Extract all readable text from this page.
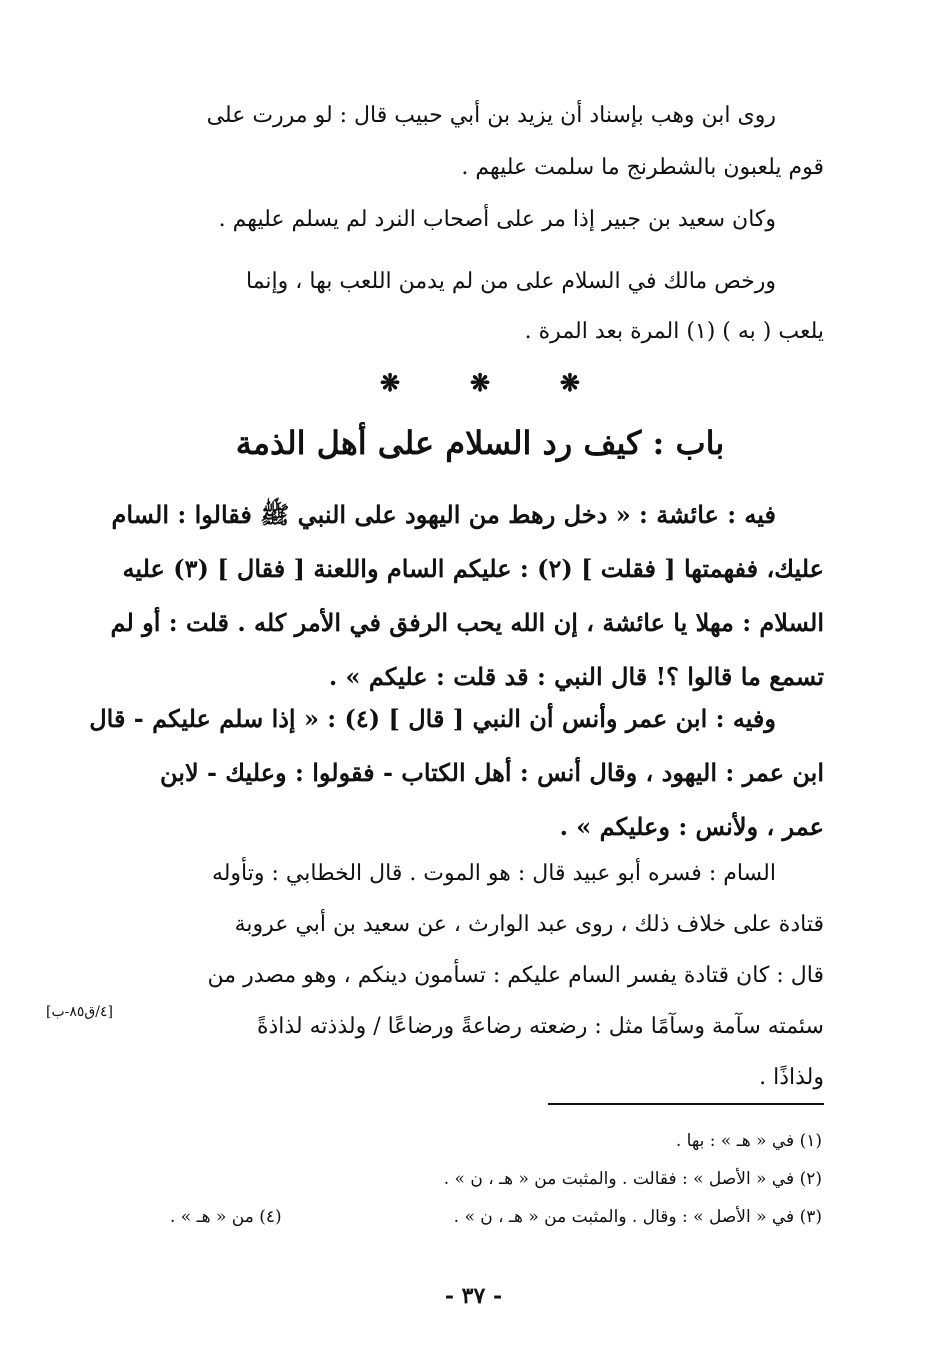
روى ابن وهب بإسناد أن يزيد بن أبي حبيب قال : لو مررت على
قوم يلعبون بالشطرنج ما سلمت عليهم .
وكان سعيد بن جبير إذا مر على أصحاب النرد لم يسلم عليهم .
ورخص مالك في السلام على من لم يدمن اللعب بها ، وإنما
يلعب ( به ) (١) المرة بعد المرة .
❋
❋
❋
باب : كيف رد السلام على أهل الذمة
فيه : عائشة : « دخل رهط من اليهود على النبي ﷺ فقالوا : السام
عليك، ففهمتها [ فقلت ] (٢) : عليكم السام واللعنة [ فقال ] (٣) عليه
السلام : مهلا يا عائشة ، إن الله يحب الرفق في الأمر كله . قلت : أو لم
تسمع ما قالوا ؟! قال النبي : قد قلت : عليكم » .
وفيه : ابن عمر وأنس أن النبي [ قال ] (٤) : « إذا سلم عليكم - قال
ابن عمر : اليهود ، وقال أنس : أهل الكتاب - فقولوا : وعليك - لابن
عمر ، ولأنس : وعليكم » .
السام : فسره أبو عبيد قال : هو الموت . قال الخطابي : وتأوله
قتادة على خلاف ذلك ، روى عبد الوارث ، عن سعيد بن أبي عروبة
قال : كان قتادة يفسر السام عليكم : تسأمون دينكم ، وهو مصدر من
سئمته سآمة وسآمًا مثل : رضعته رضاعةً ورضاعًا / ولذذته لذاذةً
ولذاذًا .
[٤/ق٨٥-ب]
(١) في « هـ » : بها .
(٢) في « الأصل » : فقالت . والمثبت من « هـ ، ن » .
(٣) في « الأصل » : وقال . والمثبت من « هـ ، ن » .
(٤) من « هـ » .
- ٣٧ -
